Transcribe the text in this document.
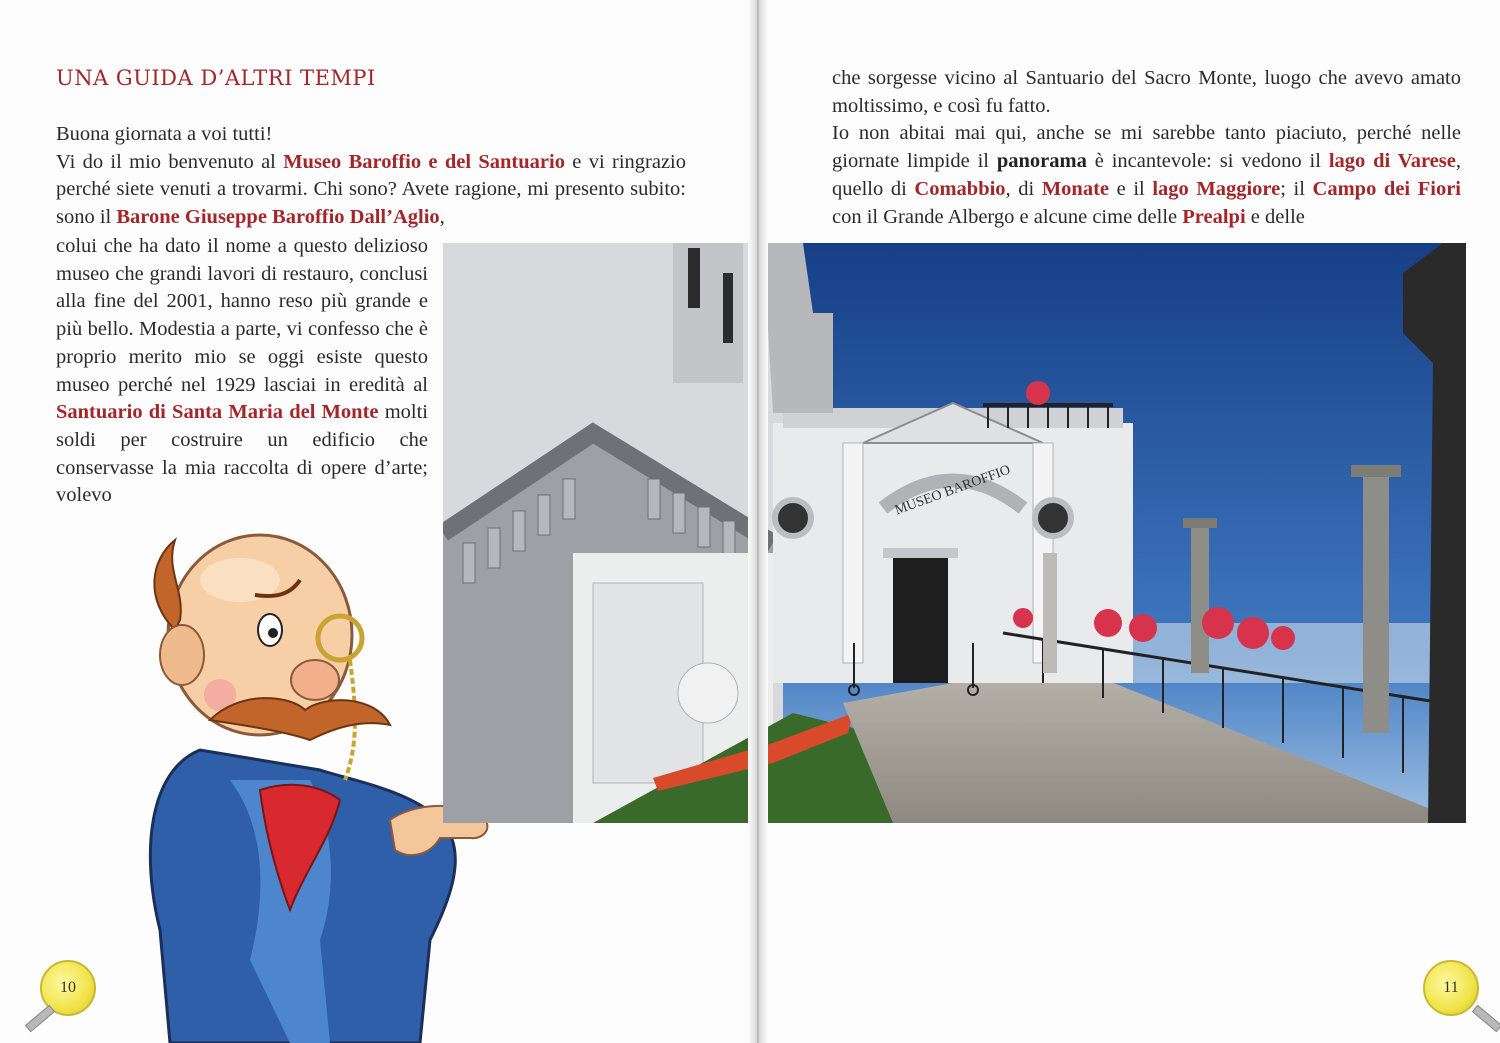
UNA GUIDA D’ALTRI TEMPI

Buona giornata a voi tutti!
Vi do il mio benvenuto al Museo Baroffio e del Santuario e vi ringrazio perché siete venuti a trovarmi. Chi sono? Avete ragione, mi presento subito: sono il Barone Giuseppe Baroffio Dall’Aglio,

colui che ha dato il nome a questo delizioso museo che grandi lavori di restauro, conclusi alla fine del 2001, hanno reso più grande e più bello. Modestia a parte, vi confesso che è proprio merito mio se oggi esiste questo museo perché nel 1929 lasciai in eredità al Santuario di Santa Maria del Monte molti soldi per costruire un edificio che conservasse la mia raccolta di opere d’arte; volevo

10

che sorgesse vicino al Santuario del Sacro Monte, luogo che avevo amato moltissimo, e così fu fatto.
Io non abitai mai qui, anche se mi sarebbe tanto piaciuto, perché nelle giornate limpide il panorama è incantevole: si vedono il lago di Varese, quello di Comabbio, di Monate e il lago Maggiore; il Campo dei Fiori con il Grande Albergo e alcune cime delle Prealpi e delle

11
MUSEO BAROFFIO
